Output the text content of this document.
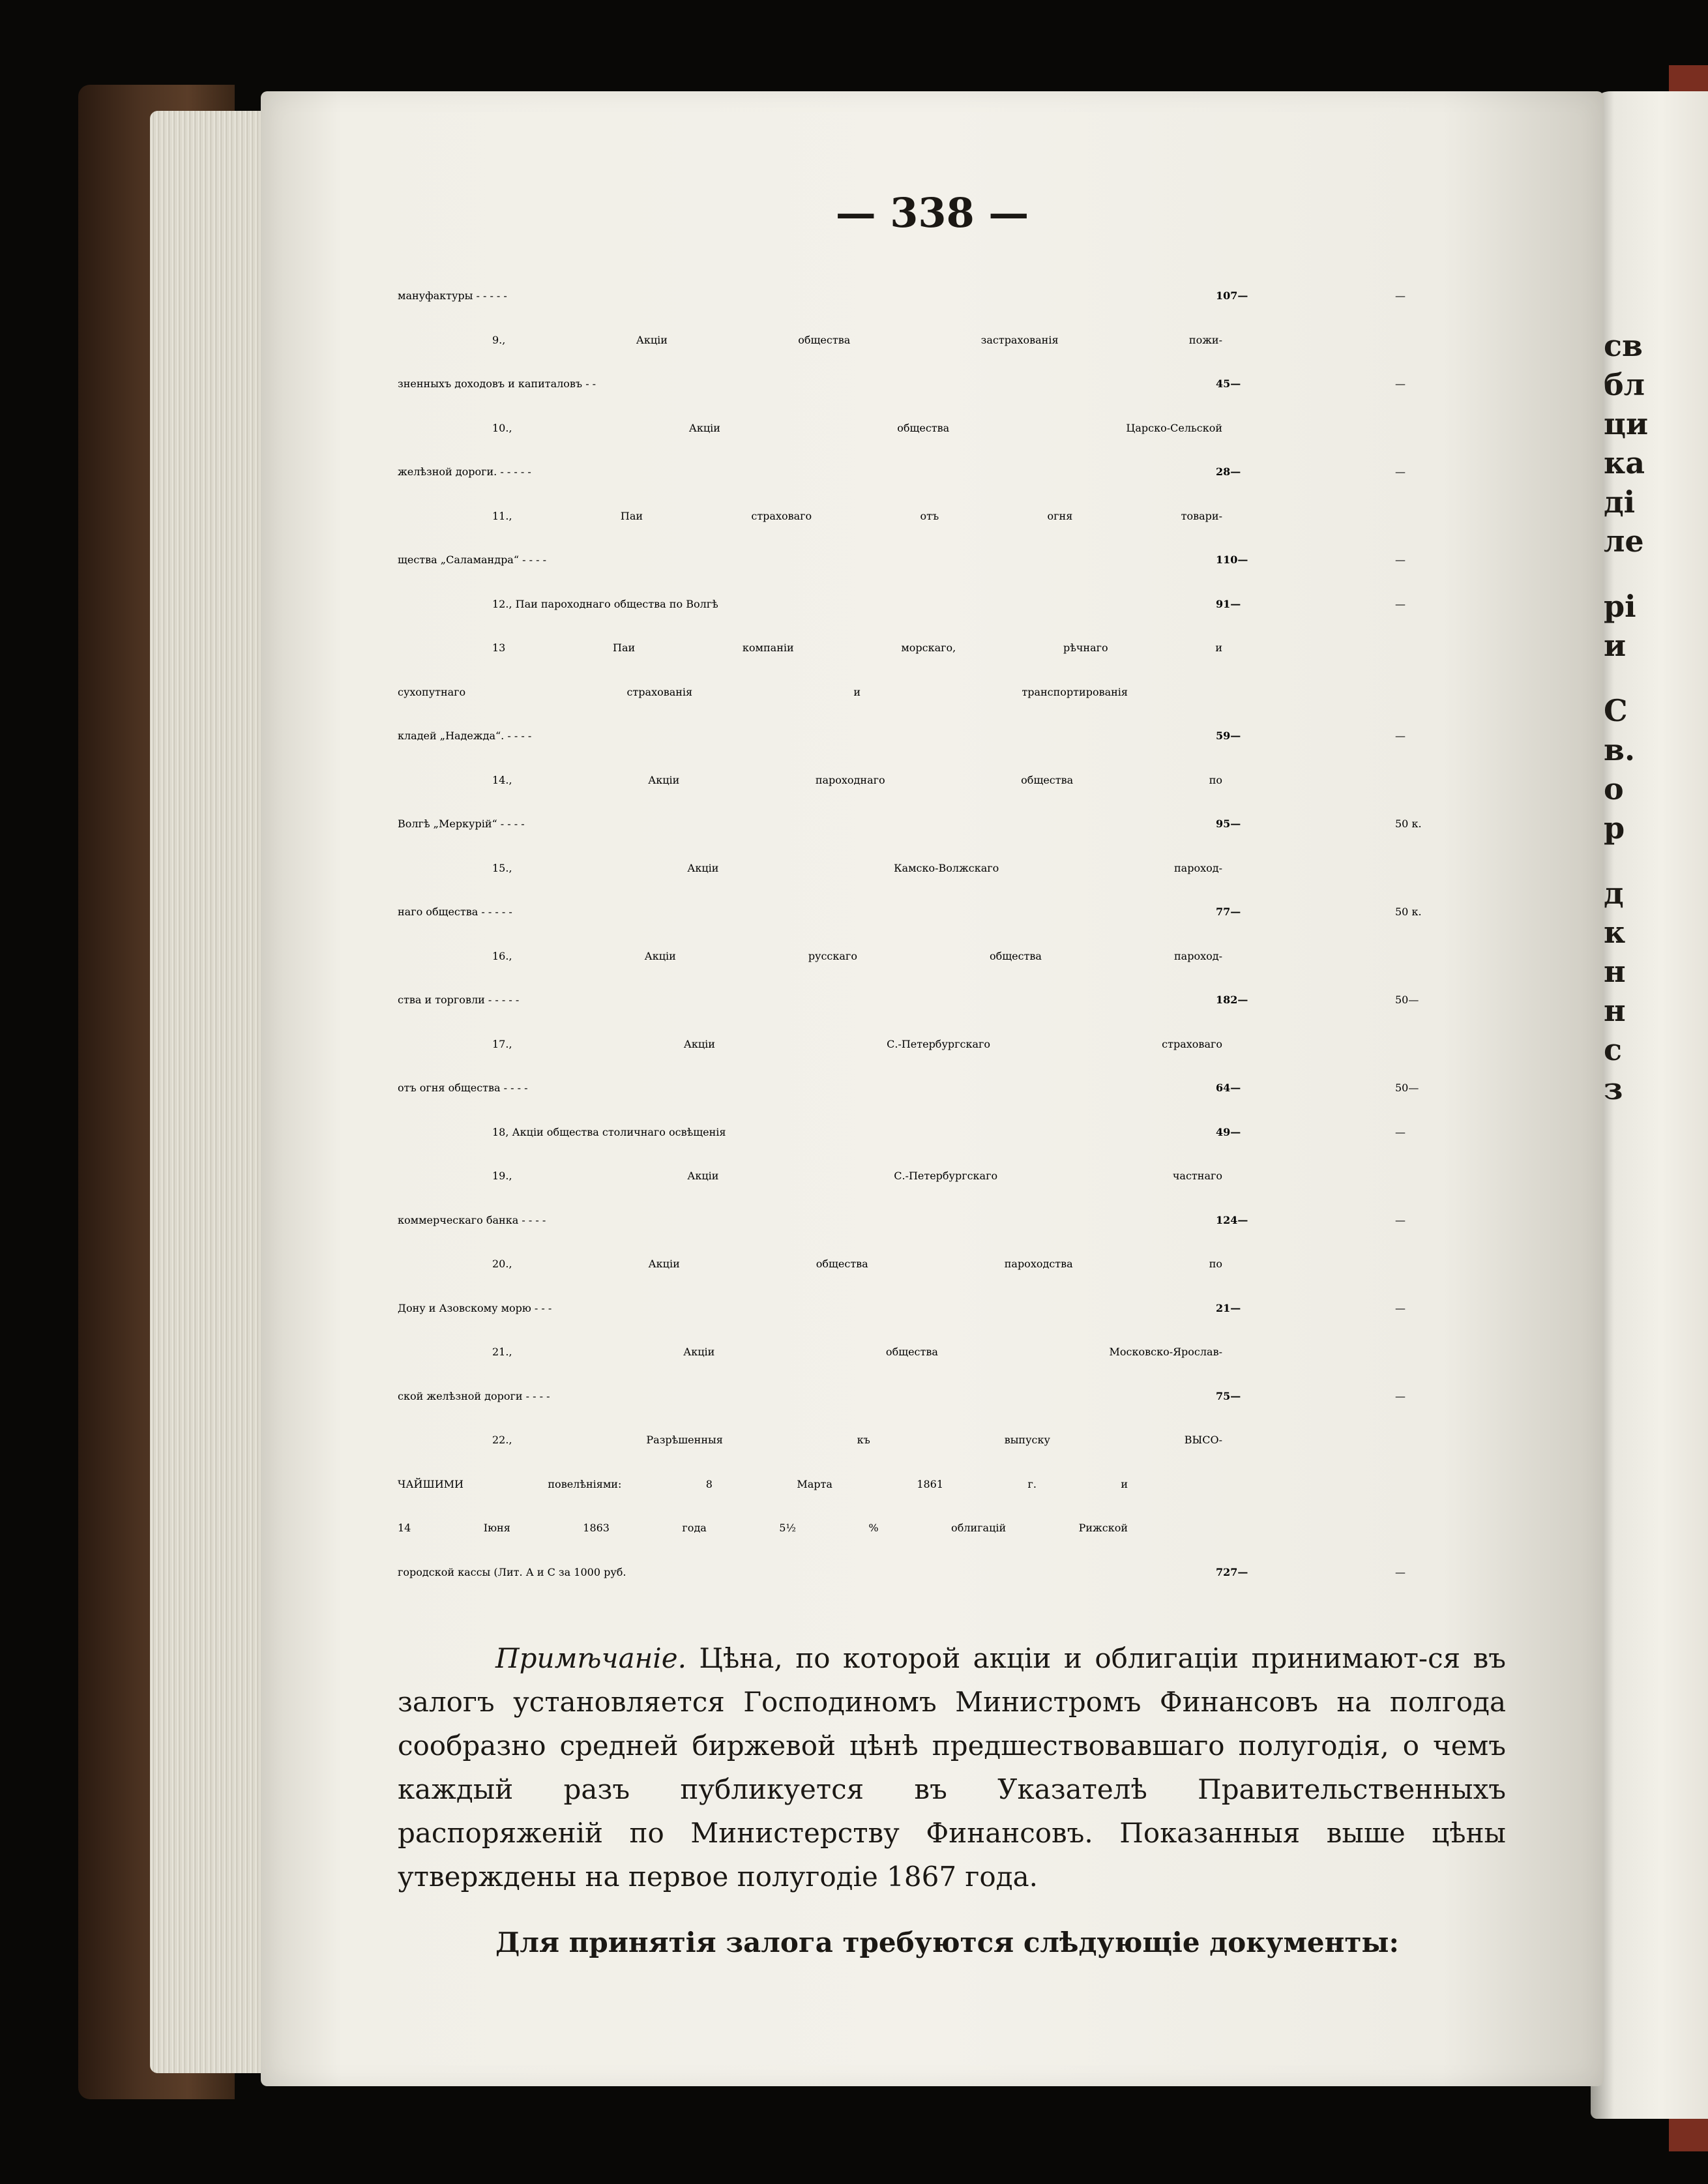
св
бл
ци
ка
ді
ле
рі
и
С
в.
о
р
д
к
н
н
с
з
— 338 —
мануфактуры - - - - -	107—	—
9., Акціи общества застрахованія пожи-
зненныхъ доходовъ и капиталовъ - -	45—	—
10., Акціи общества Царско-Сельской
желѣзной дороги. - - - - -	28—	—
11., Паи страховаго отъ огня товари-
щества „Саламандра“ - - - -	110—	—
12., Паи пароходнаго общества по Волгѣ	91—	—
13 Паи компаніи морскаго, рѣчнаго и
сухопутнаго страхованія и транспортированія
кладей „Надежда“. - - - -	59—	—
14., Акціи пароходнаго общества по
Волгѣ „Меркурій“ - - - -	95—	50 к.
15., Акціи Камско-Волжскаго пароход-
наго общества - - - - -	77—	50 к.
16., Акціи русскаго общества пароход-
ства и торговли - - - - -	182—	50—
17., Акціи С.-Петербургскаго страховаго
отъ огня общества - - - -	64—	50—
18, Акціи общества столичнаго освѣщенія	49—	—
19., Акціи С.-Петербургскаго частнаго
коммерческаго банка - - - -	124—	—
20., Акціи общества пароходства по
Дону и Азовскому морю - - -	21—	—
21., Акціи общества Московско-Ярослав-
ской желѣзной дороги - - - -	75—	—
22., Разрѣшенныя къ выпуску ВЫСО-
ЧАЙШИМИ повелѣніями: 8 Марта 1861 г. и
14 Іюня 1863 года 5½ % облигацій Рижской
городской кассы (Лит. А и С за 1000 руб.	727—	—

Примѣчаніе. Цѣна, по которой акціи и облигаціи принимают-ся въ залогъ установляется Господиномъ Министромъ Финансовъ на полгода сообразно средней биржевой цѣнѣ предшествовавшаго полугодія, о чемъ каждый разъ публикуется въ Указателѣ Правительственныхъ распоряженій по Министерству Финансовъ. Показанныя выше цѣны утверждены на первое полугодіе 1867 года.

Для принятія залога требуются слѣдующіе документы:
